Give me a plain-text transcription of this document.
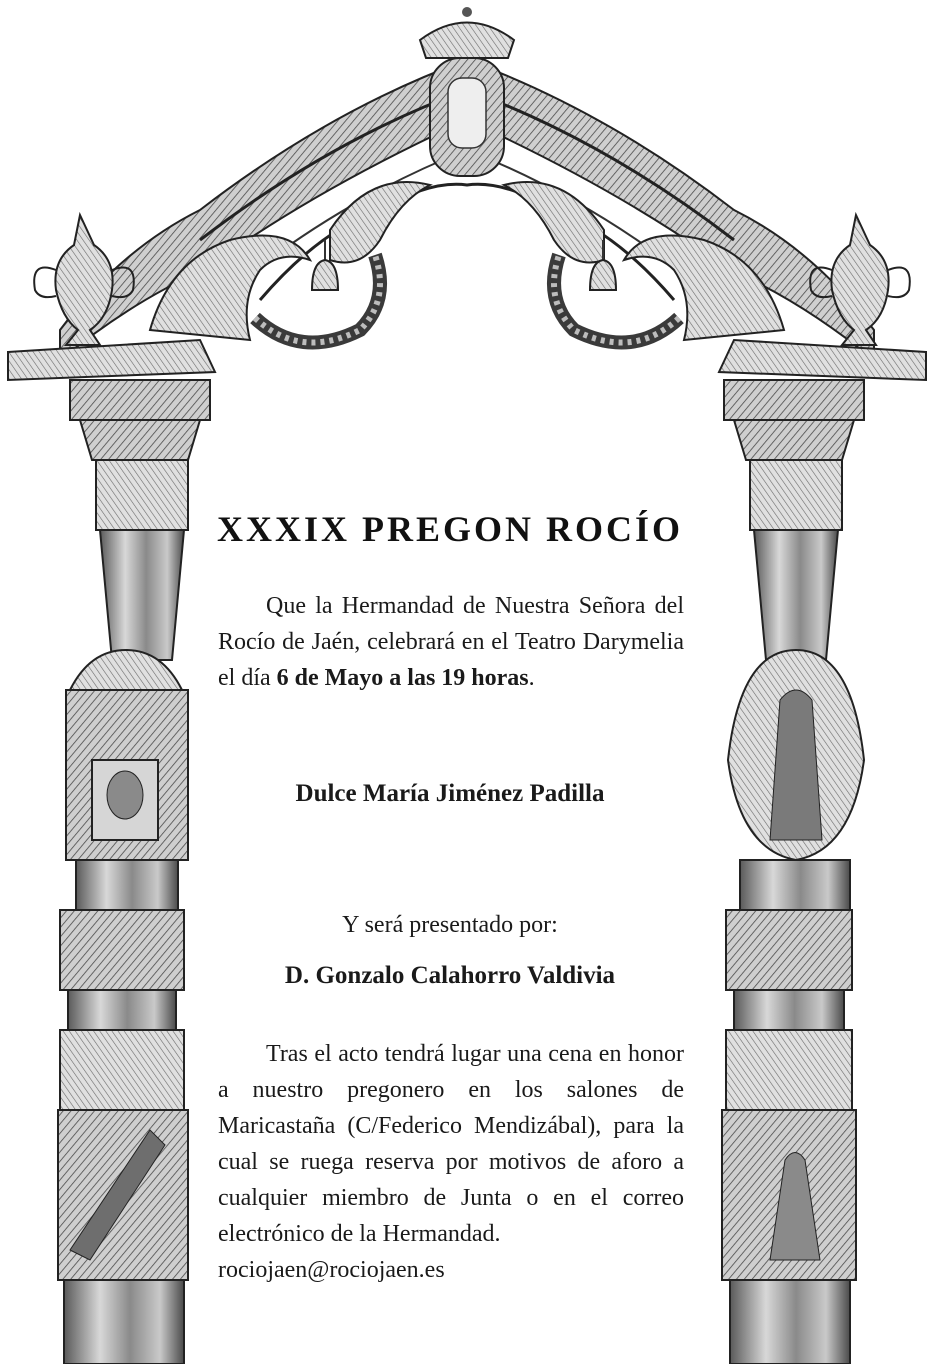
XXXIX PREGON ROCÍO
Que la Hermandad de Nuestra Señora del Rocío de Jaén, celebrará en el Teatro Darymelia el día 6 de Mayo a las 19 horas.
Dulce María Jiménez Padilla
Y será presentado por:
D. Gonzalo Calahorro Valdivia
Tras el acto tendrá lugar una cena en honor a nuestro pregonero en los salones de Maricastaña (C/Federico Mendizábal), para la cual se ruega reserva por motivos de aforo a cualquier miembro de Junta o en el correo electrónico de la Hermandad.
rociojaen@rociojaen.es
